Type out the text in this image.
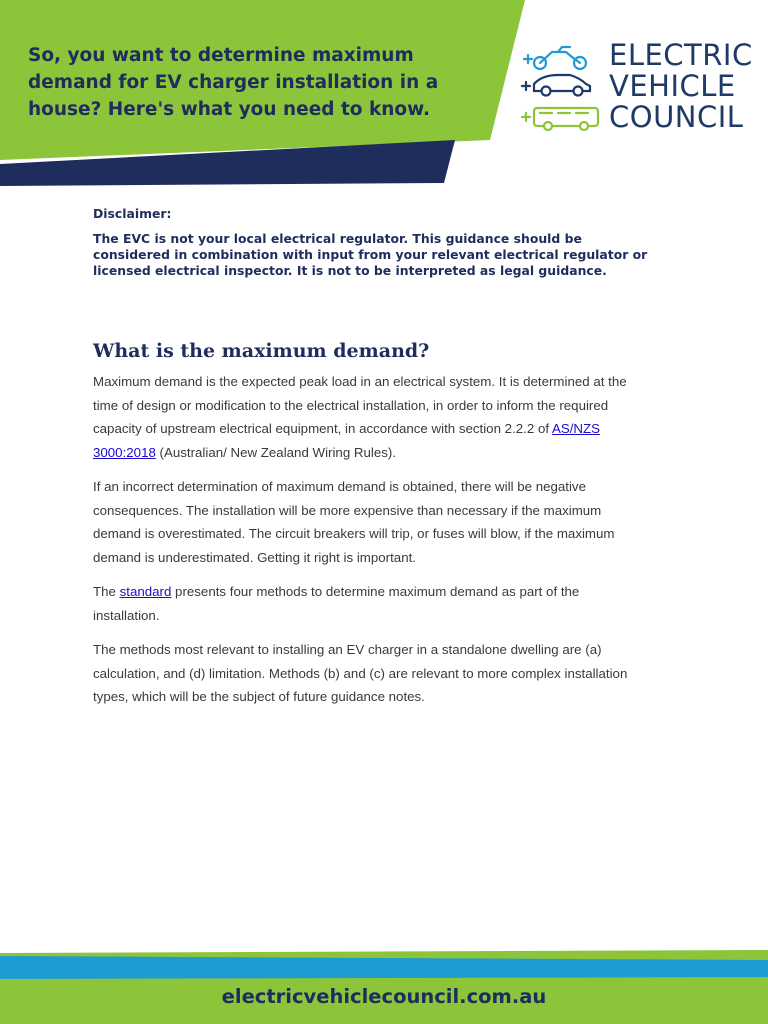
So, you want to determine maximum demand for EV charger installation in a house? Here's what you need to know.

ELECTRIC
VEHICLE
COUNCIL

Disclaimer:

The EVC is not your local electrical regulator. This guidance should be considered in combination with input from your relevant electrical regulator or licensed electrical inspector. It is not to be interpreted as legal guidance.

What is the maximum demand?

Maximum demand is the expected peak load in an electrical system. It is determined at the time of design or modification to the electrical installation, in order to inform the required capacity of upstream electrical equipment, in accordance with section 2.2.2 of AS/NZS 3000:2018 (Australian/ New Zealand Wiring Rules).

If an incorrect determination of maximum demand is obtained, there will be negative consequences. The installation will be more expensive than necessary if the maximum demand is overestimated. The circuit breakers will trip, or fuses will blow, if the maximum demand is underestimated. Getting it right is important.

The standard presents four methods to determine maximum demand as part of the installation.

The methods most relevant to installing an EV charger in a standalone dwelling are (a) calculation, and (d) limitation. Methods (b) and (c) are relevant to more complex installation types, which will be the subject of future guidance notes.

electricvehiclecouncil.com.au
